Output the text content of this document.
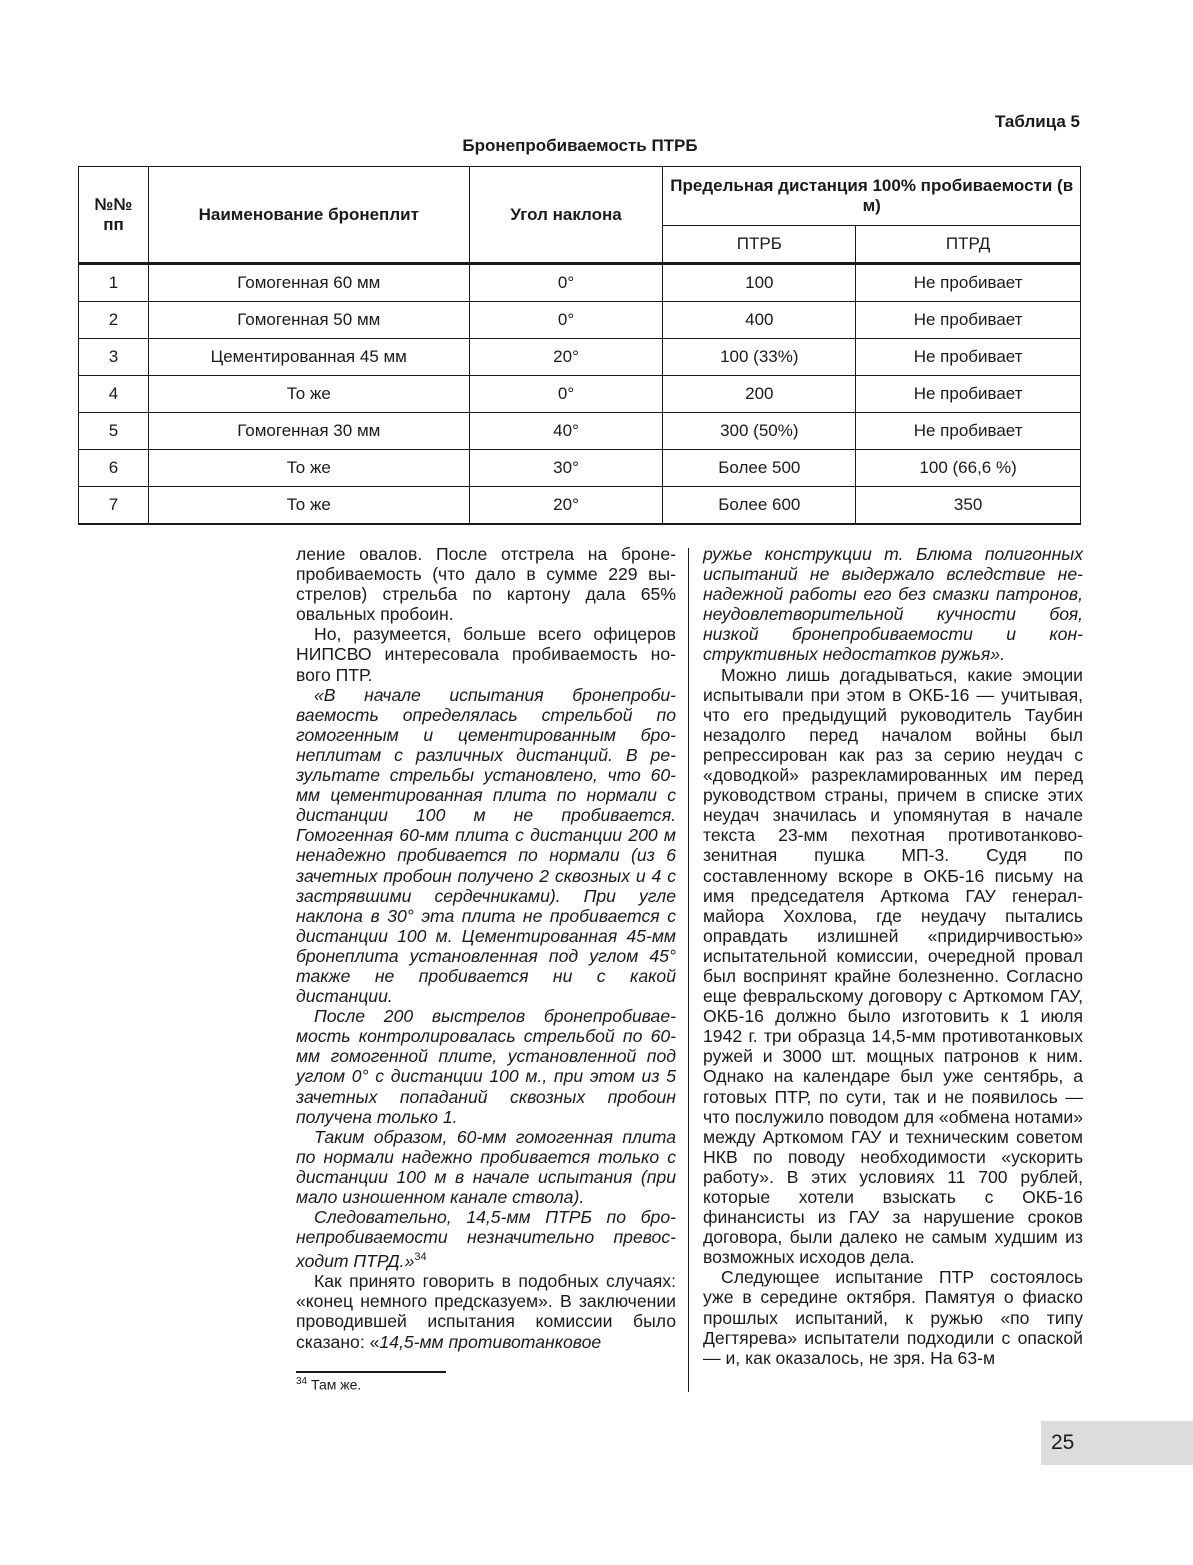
Таблица 5
Бронепробиваемость ПТРБ
№№ пп	Наименование бронеплит	Угол наклона	Предельная дистанция 100% пробиваемости (в м)	
			ПТРБ	ПТРД
1	Гомогенная 60 мм	0°	100	Не пробивает
2	Гомогенная 50 мм	0°	400	Не пробивает
3	Цементированная 45 мм	20°	100 (33%)	Не пробивает
4	То же	0°	200	Не пробивает
5	Гомогенная 30 мм	40°	300 (50%)	Не пробивает
6	То же	30°	Более 500	100 (66,6 %)
7	То же	20°	Более 600	350

ление овалов. После отстрела на бронепробиваемость (что дало в сумме 229 выстрелов) стрельба по картону дала 65% овальных пробоин.

Но, разумеется, больше всего офицеров НИПСВО интересовала пробиваемость нового ПТР.

«В начале испытания бронепробиваемость определялась стрельбой по гомогенным и цементированным бронеплитам с различных дистанций. В результате стрельбы установлено, что 60-мм цементированная плита по нормали с дистанции 100 м не пробивается. Гомогенная 60-мм плита с дистанции 200 м ненадежно пробивается по нормали (из 6 зачетных пробоин получено 2 сквозных и 4 с застрявшими сердечниками). При угле наклона в 30° эта плита не пробивается с дистанции 100 м. Цементированная 45-мм бронеплита установленная под углом 45° также не пробивается ни с какой дистанции.

После 200 выстрелов бронепробиваемость контролировалась стрельбой по 60-мм гомогенной плите, установленной под углом 0° с дистанции 100 м., при этом из 5 зачетных попаданий сквозных пробоин получена только 1.

Таким образом, 60-мм гомогенная плита по нормали надежно пробивается только с дистанции 100 м в начале испытания (при мало изношенном канале ствола).

Следовательно, 14,5-мм ПТРБ по бронепробиваемости незначительно превосходит ПТРД.»$^{34}$

Как принято говорить в подобных случаях: «конец немного предсказуем». В заключении проводившей испытания комиссии было сказано: «14,5-мм противотанковое

ружье конструкции т. Блюма полигонных испытаний не выдержало вследствие ненадежной работы его без смазки патронов, неудовлетворительной кучности боя, низкой бронепробиваемости и конструктивных недостатков ружья».

Можно лишь догадываться, какие эмоции испытывали при этом в ОКБ-16 — учитывая, что его предыдущий руководитель Таубин незадолго перед началом войны был репрессирован как раз за серию неудач с «доводкой» разрекламированных им перед руководством страны, причем в списке этих неудач значилась и упомянутая в начале текста 23-мм пехотная противотанково-зенитная пушка МП-3. Судя по составленному вскоре в ОКБ-16 письму на имя председателя Арткома ГАУ генерал-майора Хохлова, где неудачу пытались оправдать излишней «придирчивостью» испытательной комиссии, очередной провал был воспринят крайне болезненно. Согласно еще февральскому договору с Арткомом ГАУ, ОКБ-16 должно было изготовить к 1 июля 1942 г. три образца 14,5-мм противотанковых ружей и 3000 шт. мощных патронов к ним. Однако на календаре был уже сентябрь, а готовых ПТР, по сути, так и не появилось — что послужило поводом для «обмена нотами» между Арткомом ГАУ и техническим советом НКВ по поводу необходимости «ускорить работу». В этих условиях 11 700 рублей, которые хотели взыскать с ОКБ-16 финансисты из ГАУ за нарушение сроков договора, были далеко не самым худшим из возможных исходов дела.

Следующее испытание ПТР состоялось уже в середине октября. Памятуя о фиаско прошлых испытаний, к ружью «по типу Дегтярева» испытатели подходили с опаской — и, как оказалось, не зря. На 63-м

$^{34}$ Там же.
25
